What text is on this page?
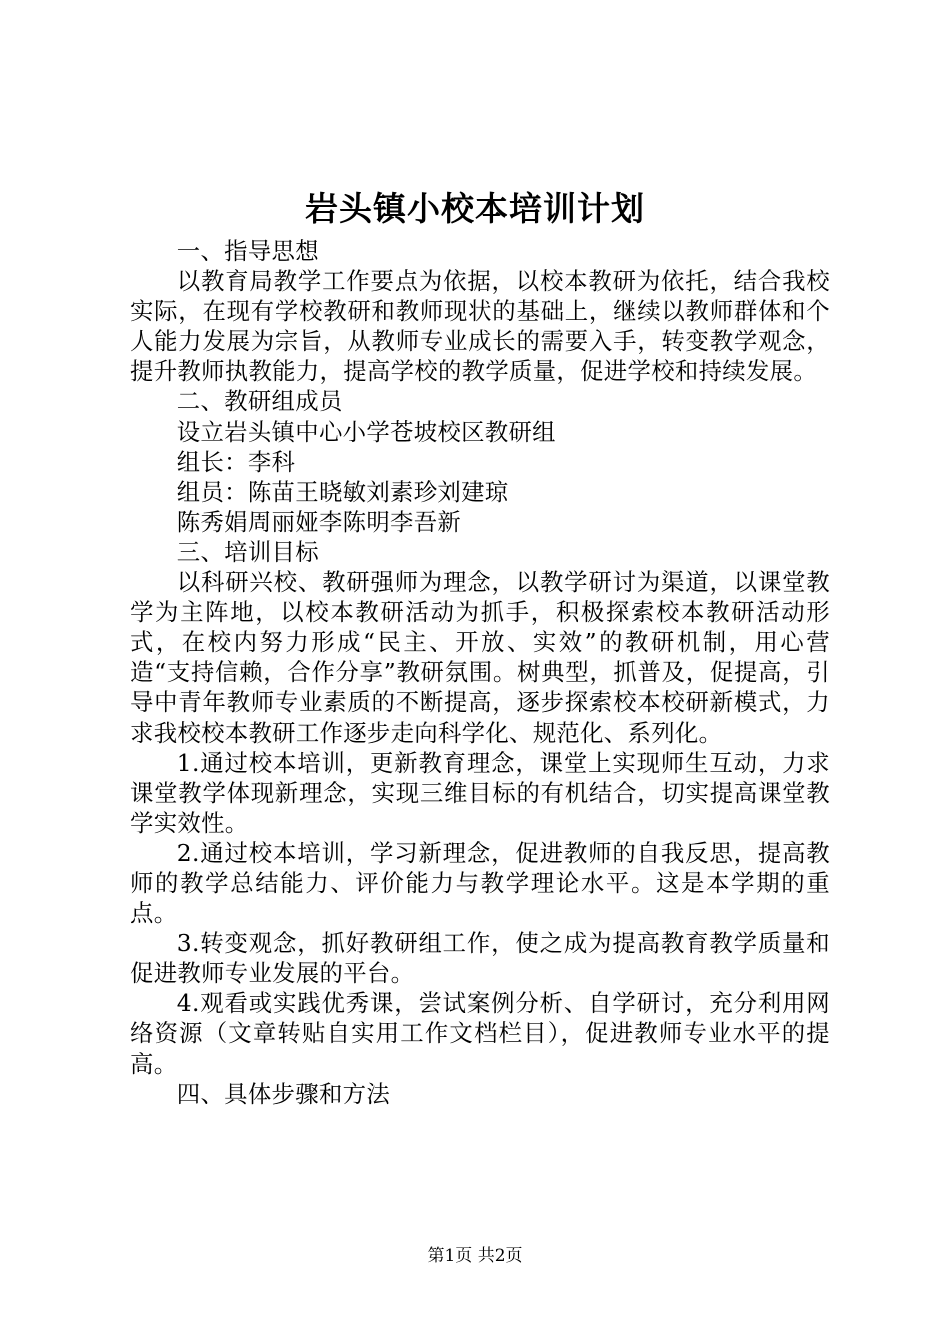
岩头镇小校本培训计划

一、指导思想

以教育局教学工作要点为依据，以校本教研为依托，结合我校实际，在现有学校教研和教师现状的基础上，继续以教师群体和个人能力发展为宗旨，从教师专业成长的需要入手，转变教学观念，提升教师执教能力，提高学校的教学质量，促进学校和持续发展。

二、教研组成员

设立岩头镇中心小学苍坡校区教研组

组长：李科

组员：陈苗王晓敏刘素珍刘建琼

陈秀娟周丽娅李陈明李吾新

三、培训目标

以科研兴校、教研强师为理念，以教学研讨为渠道，以课堂教学为主阵地，以校本教研活动为抓手，积极探索校本教研活动形式，在校内努力形成“民主、开放、实效”的教研机制，用心营造“支持信赖，合作分享”教研氛围。树典型，抓普及，促提高，引导中青年教师专业素质的不断提高，逐步探索校本校研新模式，力求我校校本教研工作逐步走向科学化、规范化、系列化。

1.通过校本培训，更新教育理念，课堂上实现师生互动，力求课堂教学体现新理念，实现三维目标的有机结合，切实提高课堂教学实效性。

2.通过校本培训，学习新理念，促进教师的自我反思，提高教师的教学总结能力、评价能力与教学理论水平。这是本学期的重点。

3.转变观念，抓好教研组工作，使之成为提高教育教学质量和促进教师专业发展的平台。

4.观看或实践优秀课，尝试案例分析、自学研讨，充分利用网络资源（文章转贴自实用工作文档栏目），促进教师专业水平的提高。

四、具体步骤和方法

第1页 共2页
